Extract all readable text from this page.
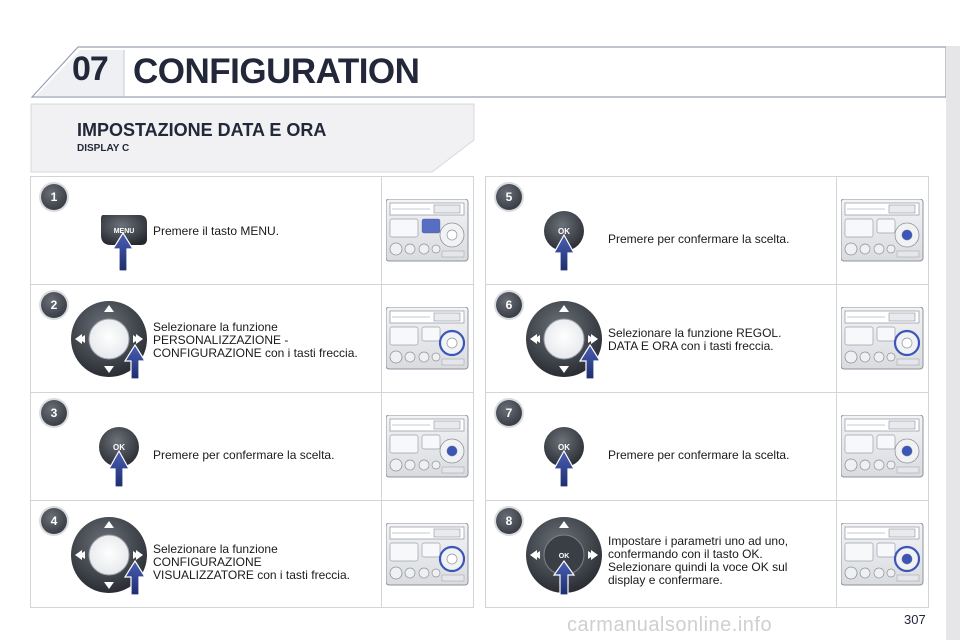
07 CONFIGURATION
IMPOSTAZIONE DATA E ORA
DISPLAY C
1
Premere il tasto MENU.
2
Selezionare la funzione
PERSONALIZZAZIONE -
CONFIGURAZIONE con i tasti freccia.
3
Premere per confermare la scelta.
4
Selezionare la funzione
CONFIGURAZIONE
VISUALIZZATORE con i tasti freccia.
5
Premere per confermare la scelta.
6
Selezionare la funzione REGOL.
DATA E ORA con i tasti freccia.
7
Premere per confermare la scelta.
8
Impostare i parametri uno ad uno,
confermando con il tasto OK.
Selezionare quindi la voce OK sul
display e confermare.
carmanualsonline.info	307
